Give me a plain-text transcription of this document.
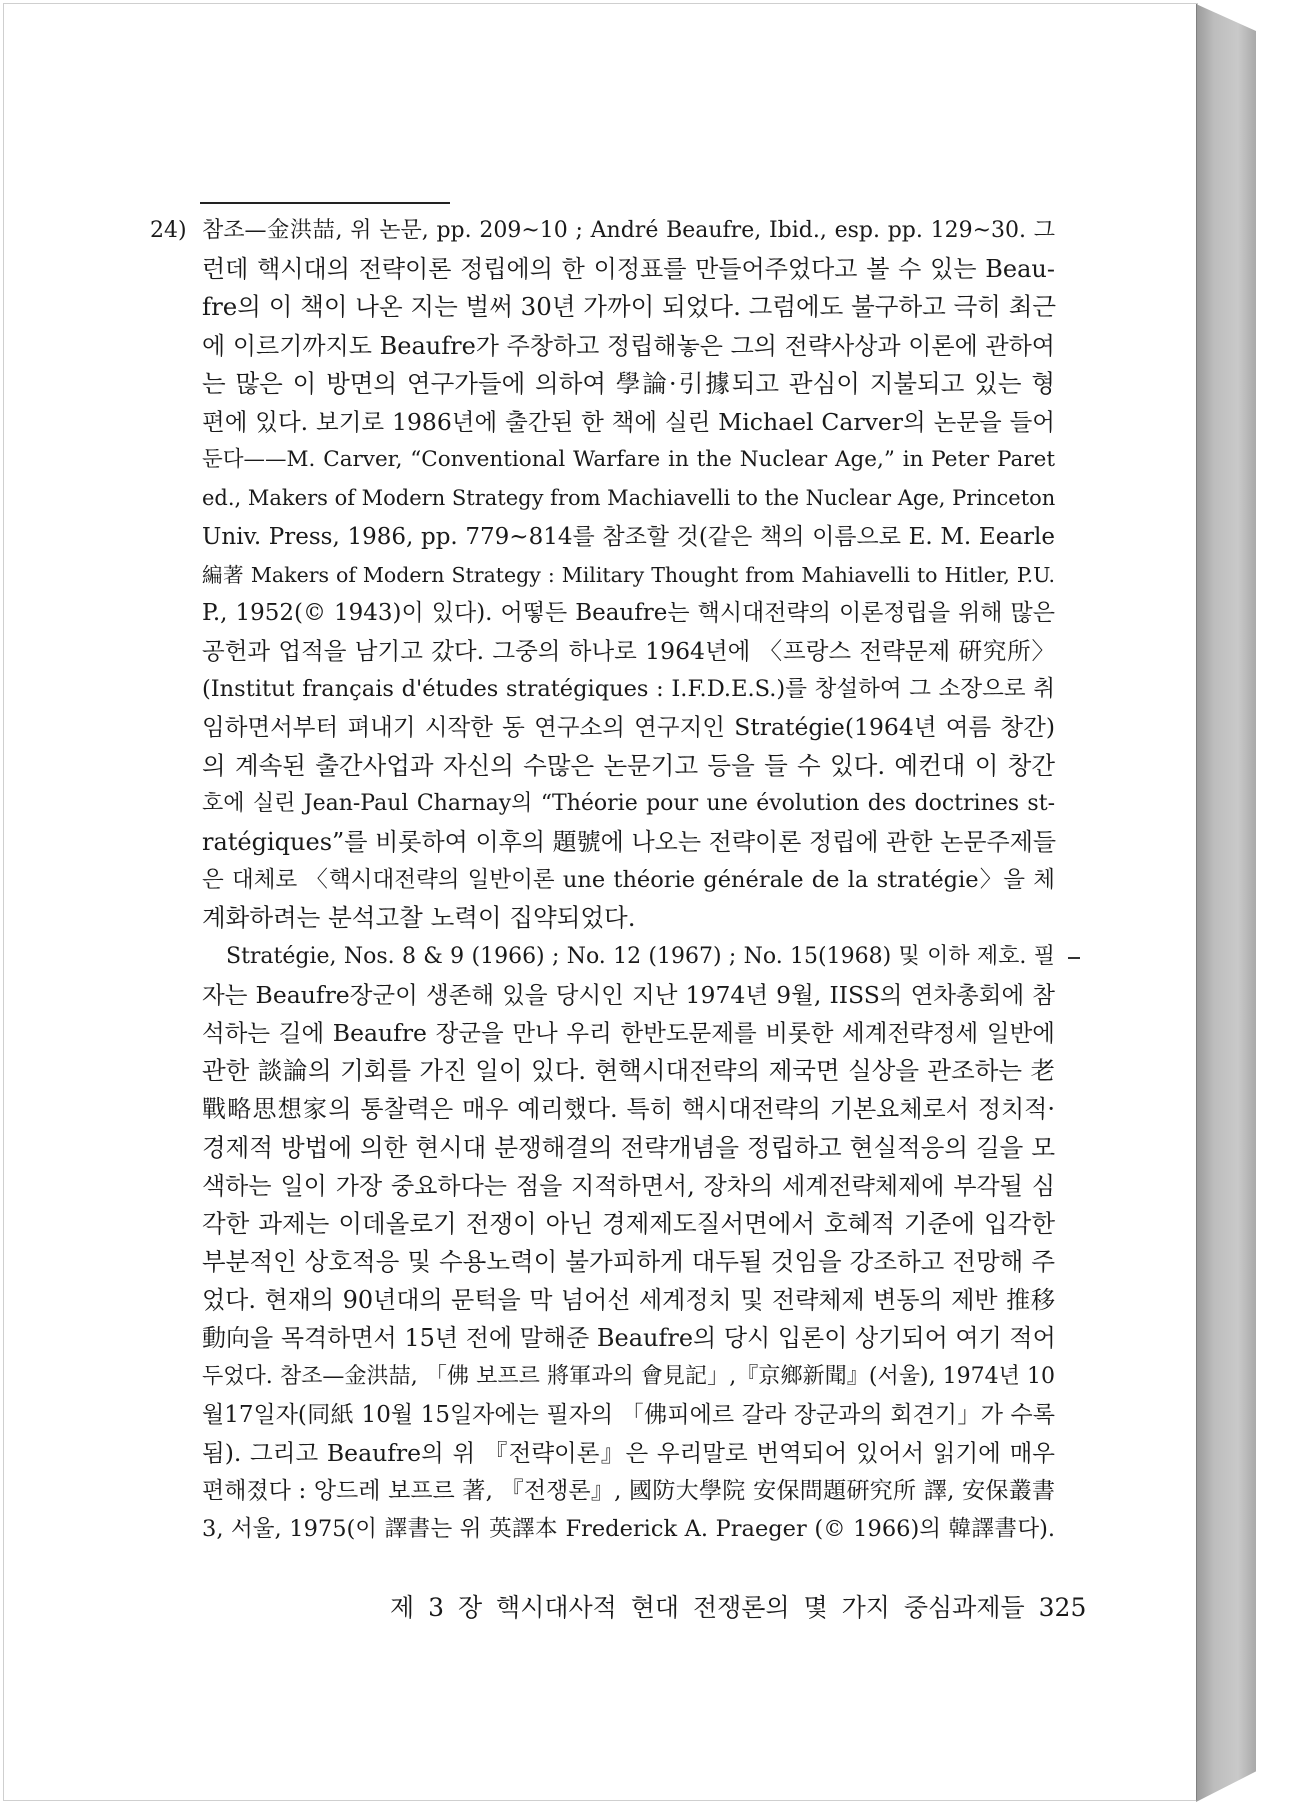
24) 참조—金洪喆, 위 논문, pp. 209~10 ; André Beaufre, Ibid., esp. pp. 129~30. 그
런데 핵시대의 전략이론 정립에의 한 이정표를 만들어주었다고 볼 수 있는 Beau-
fre의 이 책이 나온 지는 벌써 30년 가까이 되었다. 그럼에도 불구하고 극히 최근
에 이르기까지도 Beaufre가 주창하고 정립해놓은 그의 전략사상과 이론에 관하여
는 많은 이 방면의 연구가들에 의하여 學論·引據되고 관심이 지불되고 있는 형
편에 있다. 보기로 1986년에 출간된 한 책에 실린 Michael Carver의 논문을 들어
둔다——M. Carver, “Conventional Warfare in the Nuclear Age,” in Peter Paret
ed., Makers of Modern Strategy from Machiavelli to the Nuclear Age, Princeton
Univ. Press, 1986, pp. 779~814를 참조할 것(같은 책의 이름으로 E. M. Eearle
編著 Makers of Modern Strategy : Military Thought from Mahiavelli to Hitler, P.U.
P., 1952(© 1943)이 있다). 어떻든 Beaufre는 핵시대전략의 이론정립을 위해 많은
공헌과 업적을 남기고 갔다. 그중의 하나로 1964년에 〈프랑스 전략문제 硏究所〉
(Institut français d'études stratégiques : I.F.D.E.S.)를 창설하여 그 소장으로 취
임하면서부터 펴내기 시작한 동 연구소의 연구지인 Stratégie(1964년 여름 창간)
의 계속된 출간사업과 자신의 수많은 논문기고 등을 들 수 있다. 예컨대 이 창간
호에 실린 Jean-Paul Charnay의 “Théorie pour une évolution des doctrines st-
ratégiques”를 비롯하여 이후의 題號에 나오는 전략이론 정립에 관한 논문주제들
은 대체로 〈핵시대전략의 일반이론 une théorie générale de la stratégie〉을 체
계화하려는 분석고찰 노력이 집약되었다.
Stratégie, Nos. 8 & 9 (1966) ; No. 12 (1967) ; No. 15(1968) 및 이하 제호. 필
자는 Beaufre장군이 생존해 있을 당시인 지난 1974년 9월, IISS의 연차총회에 참
석하는 길에 Beaufre 장군을 만나 우리 한반도문제를 비롯한 세계전략정세 일반에
관한 談論의 기회를 가진 일이 있다. 현핵시대전략의 제국면 실상을 관조하는 老
戰略思想家의 통찰력은 매우 예리했다. 특히 핵시대전략의 기본요체로서 정치적·
경제적 방법에 의한 현시대 분쟁해결의 전략개념을 정립하고 현실적응의 길을 모
색하는 일이 가장 중요하다는 점을 지적하면서, 장차의 세계전략체제에 부각될 심
각한 과제는 이데올로기 전쟁이 아닌 경제제도질서면에서 호혜적 기준에 입각한
부분적인 상호적응 및 수용노력이 불가피하게 대두될 것임을 강조하고 전망해 주
었다. 현재의 90년대의 문턱을 막 넘어선 세계정치 및 전략체제 변동의 제반 推移
動向을 목격하면서 15년 전에 말해준 Beaufre의 당시 입론이 상기되어 여기 적어
두었다. 참조—金洪喆, 「佛 보프르 將軍과의 會見記」,『京鄉新聞』(서울), 1974년 10
월17일자(同紙 10월 15일자에는 필자의 「佛피에르 갈라 장군과의 회견기」가 수록
됨). 그리고 Beaufre의 위 『전략이론』은 우리말로 번역되어 있어서 읽기에 매우
편해졌다 : 앙드레 보프르 著, 『전쟁론』, 國防大學院 安保問題硏究所 譯, 安保叢書
3, 서울, 1975(이 譯書는 위 英譯本 Frederick A. Praeger (© 1966)의 韓譯書다).
제 3 장 핵시대사적 현대 전쟁론의 몇 가지 중심과제들 325
